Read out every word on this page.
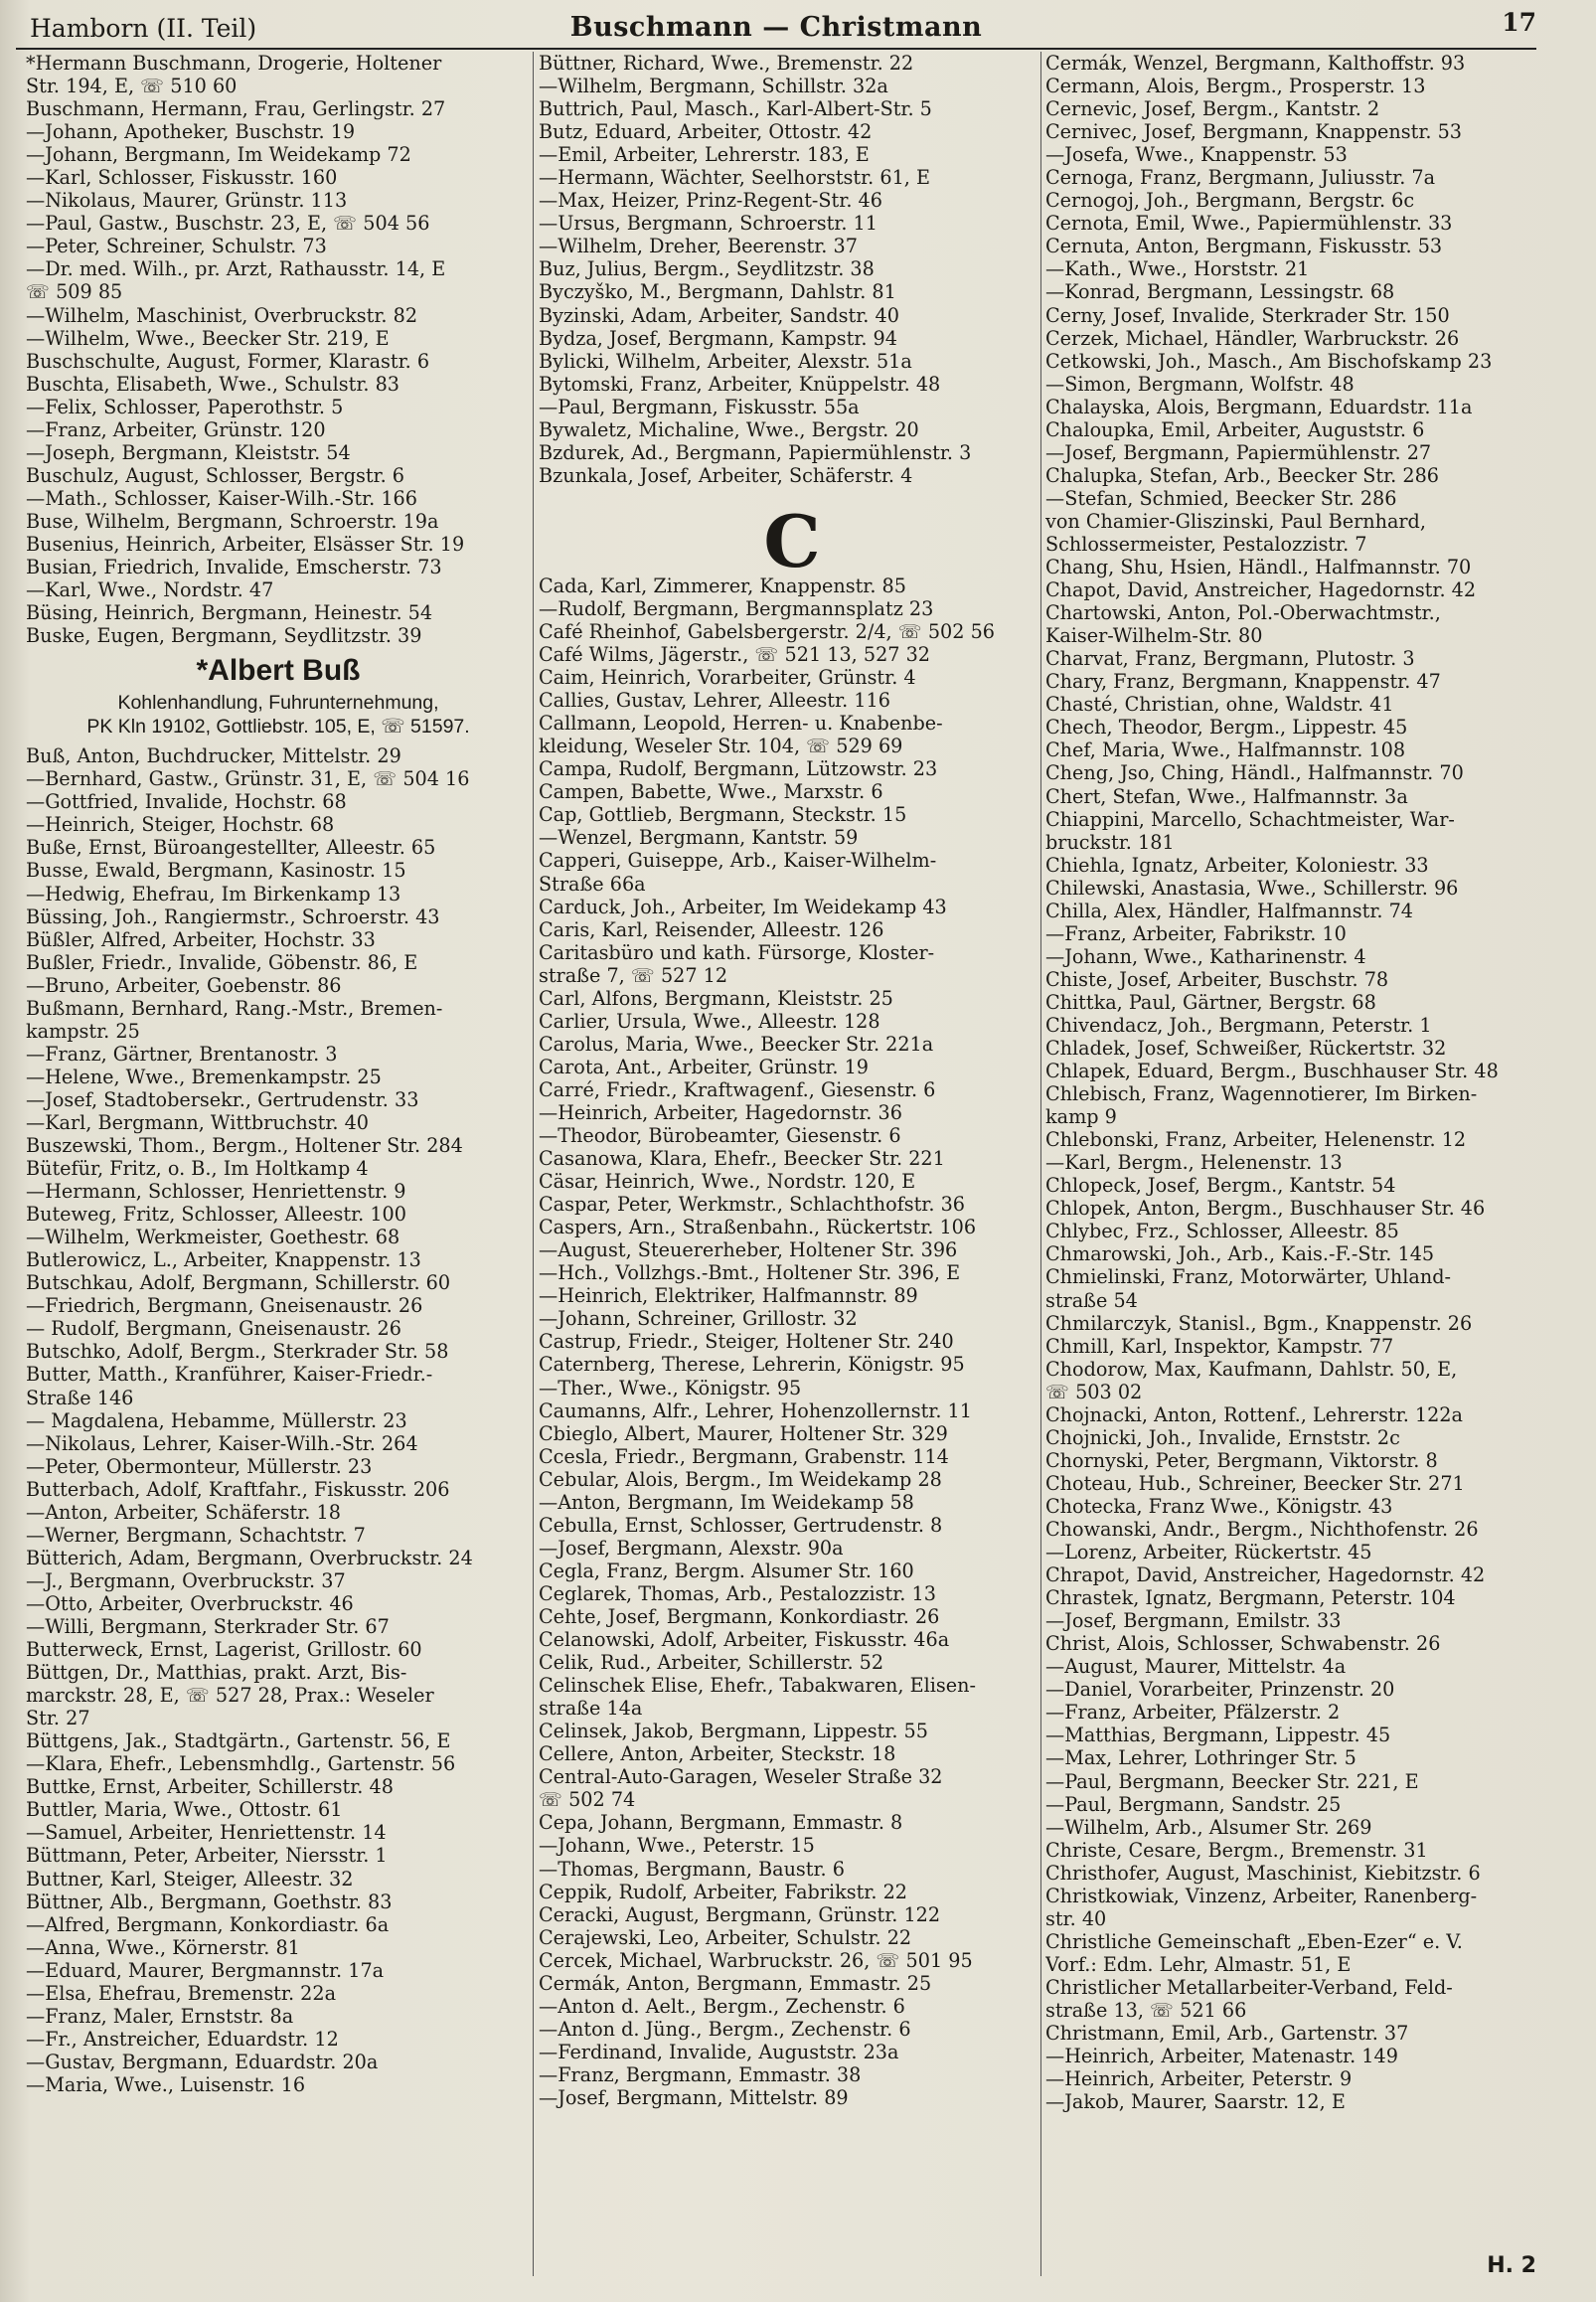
Hamborn (II. Teil)	Buschmann — Christmann	17
*Hermann Buschmann, Drogerie, Holtener
Str. 194, E, ☏ 510 60
Buschmann, Hermann, Frau, Gerlingstr. 27
—Johann, Apotheker, Buschstr. 19
—Johann, Bergmann, Im Weidekamp 72
—Karl, Schlosser, Fiskusstr. 160
—Nikolaus, Maurer, Grünstr. 113
—Paul, Gastw., Buschstr. 23, E, ☏ 504 56
—Peter, Schreiner, Schulstr. 73
—Dr. med. Wilh., pr. Arzt, Rathausstr. 14, E
☏ 509 85
—Wilhelm, Maschinist, Overbruckstr. 82
—Wilhelm, Wwe., Beecker Str. 219, E
Buschschulte, August, Former, Klarastr. 6
Buschta, Elisabeth, Wwe., Schulstr. 83
—Felix, Schlosser, Paperothstr. 5
—Franz, Arbeiter, Grünstr. 120
—Joseph, Bergmann, Kleiststr. 54
Buschulz, August, Schlosser, Bergstr. 6
—Math., Schlosser, Kaiser-Wilh.-Str. 166
Buse, Wilhelm, Bergmann, Schroerstr. 19a
Busenius, Heinrich, Arbeiter, Elsässer Str. 19
Busian, Friedrich, Invalide, Emscherstr. 73
—Karl, Wwe., Nordstr. 47
Büsing, Heinrich, Bergmann, Heinestr. 54
Buske, Eugen, Bergmann, Seydlitzstr. 39
*Albert Buß
Kohlenhandlung, Fuhrunternehmung,
PK Kln 19102, Gottliebstr. 105, E, ☏ 51597.
Buß, Anton, Buchdrucker, Mittelstr. 29
—Bernhard, Gastw., Grünstr. 31, E, ☏ 504 16
—Gottfried, Invalide, Hochstr. 68
—Heinrich, Steiger, Hochstr. 68
Buße, Ernst, Büroangestellter, Alleestr. 65
Busse, Ewald, Bergmann, Kasinostr. 15
—Hedwig, Ehefrau, Im Birkenkamp 13
Büssing, Joh., Rangiermstr., Schroerstr. 43
Büßler, Alfred, Arbeiter, Hochstr. 33
Bußler, Friedr., Invalide, Göbenstr. 86, E
—Bruno, Arbeiter, Goebenstr. 86
Bußmann, Bernhard, Rang.-Mstr., Bremen-
kampstr. 25
—Franz, Gärtner, Brentanostr. 3
—Helene, Wwe., Bremenkampstr. 25
—Josef, Stadtobersekr., Gertrudenstr. 33
—Karl, Bergmann, Wittbruchstr. 40
Buszewski, Thom., Bergm., Holtener Str. 284
Bütefür, Fritz, o. B., Im Holtkamp 4
—Hermann, Schlosser, Henriettenstr. 9
Buteweg, Fritz, Schlosser, Alleestr. 100
—Wilhelm, Werkmeister, Goethestr. 68
Butlerowicz, L., Arbeiter, Knappenstr. 13
Butschkau, Adolf, Bergmann, Schillerstr. 60
—Friedrich, Bergmann, Gneisenaustr. 26
— Rudolf, Bergmann, Gneisenaustr. 26
Butschko, Adolf, Bergm., Sterkrader Str. 58
Butter, Matth., Kranführer, Kaiser-Friedr.-
Straße 146
— Magdalena, Hebamme, Müllerstr. 23
—Nikolaus, Lehrer, Kaiser-Wilh.-Str. 264
—Peter, Obermonteur, Müllerstr. 23
Butterbach, Adolf, Kraftfahr., Fiskusstr. 206
—Anton, Arbeiter, Schäferstr. 18
—Werner, Bergmann, Schachtstr. 7
Bütterich, Adam, Bergmann, Overbruckstr. 24
—J., Bergmann, Overbruckstr. 37
—Otto, Arbeiter, Overbruckstr. 46
—Willi, Bergmann, Sterkrader Str. 67
Butterweck, Ernst, Lagerist, Grillostr. 60
Büttgen, Dr., Matthias, prakt. Arzt, Bis-
marckstr. 28, E, ☏ 527 28, Prax.: Weseler
Str. 27
Büttgens, Jak., Stadtgärtn., Gartenstr. 56, E
—Klara, Ehefr., Lebensmhdlg., Gartenstr. 56
Buttke, Ernst, Arbeiter, Schillerstr. 48
Buttler, Maria, Wwe., Ottostr. 61
—Samuel, Arbeiter, Henriettenstr. 14
Büttmann, Peter, Arbeiter, Niersstr. 1
Buttner, Karl, Steiger, Alleestr. 32
Büttner, Alb., Bergmann, Goethstr. 83
—Alfred, Bergmann, Konkordiastr. 6a
—Anna, Wwe., Körnerstr. 81
—Eduard, Maurer, Bergmannstr. 17a
—Elsa, Ehefrau, Bremenstr. 22a
—Franz, Maler, Ernststr. 8a
—Fr., Anstreicher, Eduardstr. 12
—Gustav, Bergmann, Eduardstr. 20a
—Maria, Wwe., Luisenstr. 16
Büttner, Richard, Wwe., Bremenstr. 22
—Wilhelm, Bergmann, Schillstr. 32a
Buttrich, Paul, Masch., Karl-Albert-Str. 5
Butz, Eduard, Arbeiter, Ottostr. 42
—Emil, Arbeiter, Lehrerstr. 183, E
—Hermann, Wächter, Seelhorststr. 61, E
—Max, Heizer, Prinz-Regent-Str. 46
—Ursus, Bergmann, Schroerstr. 11
—Wilhelm, Dreher, Beerenstr. 37
Buz, Julius, Bergm., Seydlitzstr. 38
Byczyško, M., Bergmann, Dahlstr. 81
Byzinski, Adam, Arbeiter, Sandstr. 40
Bydza, Josef, Bergmann, Kampstr. 94
Bylicki, Wilhelm, Arbeiter, Alexstr. 51a
Bytomski, Franz, Arbeiter, Knüppelstr. 48
—Paul, Bergmann, Fiskusstr. 55a
Bywaletz, Michaline, Wwe., Bergstr. 20
Bzdurek, Ad., Bergmann, Papiermühlenstr. 3
Bzunkala, Josef, Arbeiter, Schäferstr. 4
C
Cada, Karl, Zimmerer, Knappenstr. 85
—Rudolf, Bergmann, Bergmannsplatz 23
Café Rheinhof, Gabelsbergerstr. 2/4, ☏ 502 56
Café Wilms, Jägerstr., ☏ 521 13, 527 32
Caim, Heinrich, Vorarbeiter, Grünstr. 4
Callies, Gustav, Lehrer, Alleestr. 116
Callmann, Leopold, Herren- u. Knabenbe-
kleidung, Weseler Str. 104, ☏ 529 69
Campa, Rudolf, Bergmann, Lützowstr. 23
Campen, Babette, Wwe., Marxstr. 6
Cap, Gottlieb, Bergmann, Steckstr. 15
—Wenzel, Bergmann, Kantstr. 59
Capperi, Guiseppe, Arb., Kaiser-Wilhelm-
Straße 66a
Carduck, Joh., Arbeiter, Im Weidekamp 43
Caris, Karl, Reisender, Alleestr. 126
Caritasbüro und kath. Fürsorge, Kloster-
straße 7, ☏ 527 12
Carl, Alfons, Bergmann, Kleiststr. 25
Carlier, Ursula, Wwe., Alleestr. 128
Carolus, Maria, Wwe., Beecker Str. 221a
Carota, Ant., Arbeiter, Grünstr. 19
Carré, Friedr., Kraftwagenf., Giesenstr. 6
—Heinrich, Arbeiter, Hagedornstr. 36
—Theodor, Bürobeamter, Giesenstr. 6
Casanowa, Klara, Ehefr., Beecker Str. 221
Cäsar, Heinrich, Wwe., Nordstr. 120, E
Caspar, Peter, Werkmstr., Schlachthofstr. 36
Caspers, Arn., Straßenbahn., Rückertstr. 106
—August, Steuererheber, Holtener Str. 396
—Hch., Vollzhgs.-Bmt., Holtener Str. 396, E
—Heinrich, Elektriker, Halfmannstr. 89
—Johann, Schreiner, Grillostr. 32
Castrup, Friedr., Steiger, Holtener Str. 240
Caternberg, Therese, Lehrerin, Königstr. 95
—Ther., Wwe., Königstr. 95
Caumanns, Alfr., Lehrer, Hohenzollernstr. 11
Cbieglo, Albert, Maurer, Holtener Str. 329
Ccesla, Friedr., Bergmann, Grabenstr. 114
Cebular, Alois, Bergm., Im Weidekamp 28
—Anton, Bergmann, Im Weidekamp 58
Cebulla, Ernst, Schlosser, Gertrudenstr. 8
—Josef, Bergmann, Alexstr. 90a
Cegla, Franz, Bergm. Alsumer Str. 160
Ceglarek, Thomas, Arb., Pestalozzistr. 13
Cehte, Josef, Bergmann, Konkordiastr. 26
Celanowski, Adolf, Arbeiter, Fiskusstr. 46a
Celik, Rud., Arbeiter, Schillerstr. 52
Celinschek Elise, Ehefr., Tabakwaren, Elisen-
straße 14a
Celinsek, Jakob, Bergmann, Lippestr. 55
Cellere, Anton, Arbeiter, Steckstr. 18
Central-Auto-Garagen, Weseler Straße 32
☏ 502 74
Cepa, Johann, Bergmann, Emmastr. 8
—Johann, Wwe., Peterstr. 15
—Thomas, Bergmann, Baustr. 6
Ceppik, Rudolf, Arbeiter, Fabrikstr. 22
Ceracki, August, Bergmann, Grünstr. 122
Cerajewski, Leo, Arbeiter, Schulstr. 22
Cercek, Michael, Warbruckstr. 26, ☏ 501 95
Cermák, Anton, Bergmann, Emmastr. 25
—Anton d. Aelt., Bergm., Zechenstr. 6
—Anton d. Jüng., Bergm., Zechenstr. 6
—Ferdinand, Invalide, Auguststr. 23a
—Franz, Bergmann, Emmastr. 38
—Josef, Bergmann, Mittelstr. 89
Cermák, Wenzel, Bergmann, Kalthoffstr. 93
Cermann, Alois, Bergm., Prosperstr. 13
Cernevic, Josef, Bergm., Kantstr. 2
Cernivec, Josef, Bergmann, Knappenstr. 53
—Josefa, Wwe., Knappenstr. 53
Cernoga, Franz, Bergmann, Juliusstr. 7a
Cernogoj, Joh., Bergmann, Bergstr. 6c
Cernota, Emil, Wwe., Papiermühlenstr. 33
Cernuta, Anton, Bergmann, Fiskusstr. 53
—Kath., Wwe., Horststr. 21
—Konrad, Bergmann, Lessingstr. 68
Cerny, Josef, Invalide, Sterkrader Str. 150
Cerzek, Michael, Händler, Warbruckstr. 26
Cetkowski, Joh., Masch., Am Bischofskamp 23
—Simon, Bergmann, Wolfstr. 48
Chalayska, Alois, Bergmann, Eduardstr. 11a
Chaloupka, Emil, Arbeiter, Auguststr. 6
—Josef, Bergmann, Papiermühlenstr. 27
Chalupka, Stefan, Arb., Beecker Str. 286
—Stefan, Schmied, Beecker Str. 286
von Chamier-Gliszinski, Paul Bernhard,
Schlossermeister, Pestalozzistr. 7
Chang, Shu, Hsien, Händl., Halfmannstr. 70
Chapot, David, Anstreicher, Hagedornstr. 42
Chartowski, Anton, Pol.-Oberwachtmstr.,
Kaiser-Wilhelm-Str. 80
Charvat, Franz, Bergmann, Plutostr. 3
Chary, Franz, Bergmann, Knappenstr. 47
Chasté, Christian, ohne, Waldstr. 41
Chech, Theodor, Bergm., Lippestr. 45
Chef, Maria, Wwe., Halfmannstr. 108
Cheng, Jso, Ching, Händl., Halfmannstr. 70
Chert, Stefan, Wwe., Halfmannstr. 3a
Chiappini, Marcello, Schachtmeister, War-
bruckstr. 181
Chiehla, Ignatz, Arbeiter, Koloniestr. 33
Chilewski, Anastasia, Wwe., Schillerstr. 96
Chilla, Alex, Händler, Halfmannstr. 74
—Franz, Arbeiter, Fabrikstr. 10
—Johann, Wwe., Katharinenstr. 4
Chiste, Josef, Arbeiter, Buschstr. 78
Chittka, Paul, Gärtner, Bergstr. 68
Chivendacz, Joh., Bergmann, Peterstr. 1
Chladek, Josef, Schweißer, Rückertstr. 32
Chlapek, Eduard, Bergm., Buschhauser Str. 48
Chlebisch, Franz, Wagennotierer, Im Birken-
kamp 9
Chlebonski, Franz, Arbeiter, Helenenstr. 12
—Karl, Bergm., Helenenstr. 13
Chlopeck, Josef, Bergm., Kantstr. 54
Chlopek, Anton, Bergm., Buschhauser Str. 46
Chlybec, Frz., Schlosser, Alleestr. 85
Chmarowski, Joh., Arb., Kais.-F.-Str. 145
Chmielinski, Franz, Motorwärter, Uhland-
straße 54
Chmilarczyk, Stanisl., Bgm., Knappenstr. 26
Chmill, Karl, Inspektor, Kampstr. 77
Chodorow, Max, Kaufmann, Dahlstr. 50, E,
☏ 503 02
Chojnacki, Anton, Rottenf., Lehrerstr. 122a
Chojnicki, Joh., Invalide, Ernststr. 2c
Chornyski, Peter, Bergmann, Viktorstr. 8
Choteau, Hub., Schreiner, Beecker Str. 271
Chotecka, Franz Wwe., Königstr. 43
Chowanski, Andr., Bergm., Nichthofenstr. 26
—Lorenz, Arbeiter, Rückertstr. 45
Chrapot, David, Anstreicher, Hagedornstr. 42
Chrastek, Ignatz, Bergmann, Peterstr. 104
—Josef, Bergmann, Emilstr. 33
Christ, Alois, Schlosser, Schwabenstr. 26
—August, Maurer, Mittelstr. 4a
—Daniel, Vorarbeiter, Prinzenstr. 20
—Franz, Arbeiter, Pfälzerstr. 2
—Matthias, Bergmann, Lippestr. 45
—Max, Lehrer, Lothringer Str. 5
—Paul, Bergmann, Beecker Str. 221, E
—Paul, Bergmann, Sandstr. 25
—Wilhelm, Arb., Alsumer Str. 269
Christe, Cesare, Bergm., Bremenstr. 31
Christhofer, August, Maschinist, Kiebitzstr. 6
Christkowiak, Vinzenz, Arbeiter, Ranenberg-
str. 40
Christliche Gemeinschaft „Eben-Ezer“ e. V.
Vorf.: Edm. Lehr, Almastr. 51, E
Christlicher Metallarbeiter-Verband, Feld-
straße 13, ☏ 521 66
Christmann, Emil, Arb., Gartenstr. 37
—Heinrich, Arbeiter, Matenastr. 149
—Heinrich, Arbeiter, Peterstr. 9
—Jakob, Maurer, Saarstr. 12, E
H. 2
